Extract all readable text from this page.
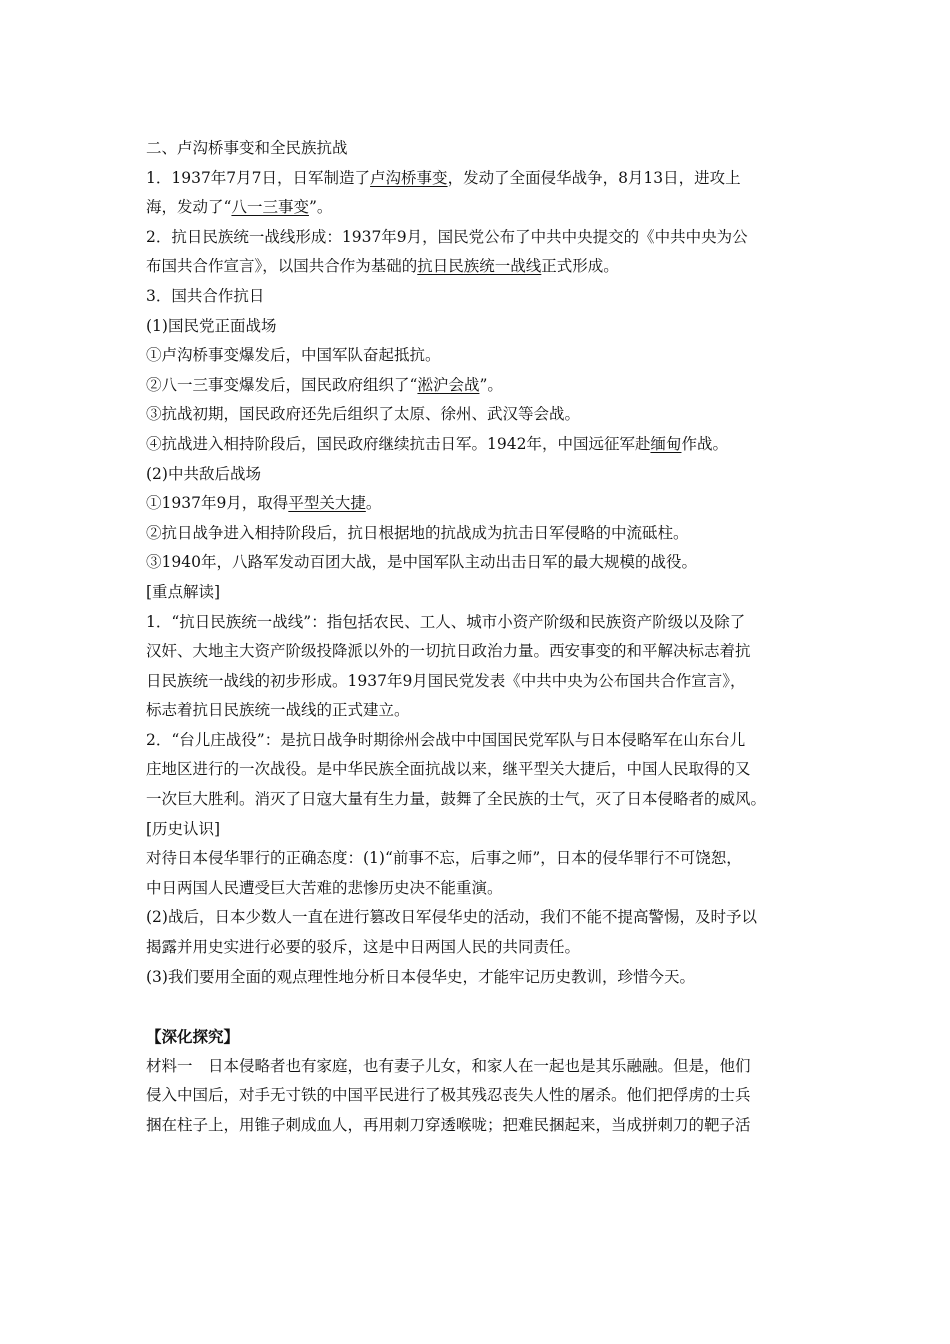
二、卢沟桥事变和全民族抗战
1．1937年7月7日，日军制造了卢沟桥事变，发动了全面侵华战争，8月13日，进攻上
海，发动了“八一三事变”。
2．抗日民族统一战线形成：1937年9月，国民党公布了中共中央提交的《中共中央为公
布国共合作宣言》，以国共合作为基础的抗日民族统一战线正式形成。
3．国共合作抗日
(1)国民党正面战场
①卢沟桥事变爆发后，中国军队奋起抵抗。
②八一三事变爆发后，国民政府组织了“淞沪会战”。
③抗战初期，国民政府还先后组织了太原、徐州、武汉等会战。
④抗战进入相持阶段后，国民政府继续抗击日军。1942年，中国远征军赴缅甸作战。
(2)中共敌后战场
①1937年9月，取得平型关大捷。
②抗日战争进入相持阶段后，抗日根据地的抗战成为抗击日军侵略的中流砥柱。
③1940年，八路军发动百团大战，是中国军队主动出击日军的最大规模的战役。
[重点解读]
1．“抗日民族统一战线”：指包括农民、工人、城市小资产阶级和民族资产阶级以及除了
汉奸、大地主大资产阶级投降派以外的一切抗日政治力量。西安事变的和平解决标志着抗
日民族统一战线的初步形成。1937年9月国民党发表《中共中央为公布国共合作宣言》，
标志着抗日民族统一战线的正式建立。
2．“台儿庄战役”：是抗日战争时期徐州会战中中国国民党军队与日本侵略军在山东台儿
庄地区进行的一次战役。是中华民族全面抗战以来，继平型关大捷后，中国人民取得的又
一次巨大胜利。消灭了日寇大量有生力量，鼓舞了全民族的士气，灭了日本侵略者的威风。
[历史认识]
对待日本侵华罪行的正确态度：(1)“前事不忘，后事之师”，日本的侵华罪行不可饶恕，
中日两国人民遭受巨大苦难的悲惨历史决不能重演。
(2)战后，日本少数人一直在进行篡改日军侵华史的活动，我们不能不提高警惕，及时予以
揭露并用史实进行必要的驳斥，这是中日两国人民的共同责任。
(3)我们要用全面的观点理性地分析日本侵华史，才能牢记历史教训，珍惜今天。
【深化探究】
材料一　日本侵略者也有家庭，也有妻子儿女，和家人在一起也是其乐融融。但是，他们
侵入中国后，对手无寸铁的中国平民进行了极其残忍丧失人性的屠杀。他们把俘虏的士兵
捆在柱子上，用锥子刺成血人，再用刺刀穿透喉咙；把难民捆起来，当成拼刺刀的靶子活
